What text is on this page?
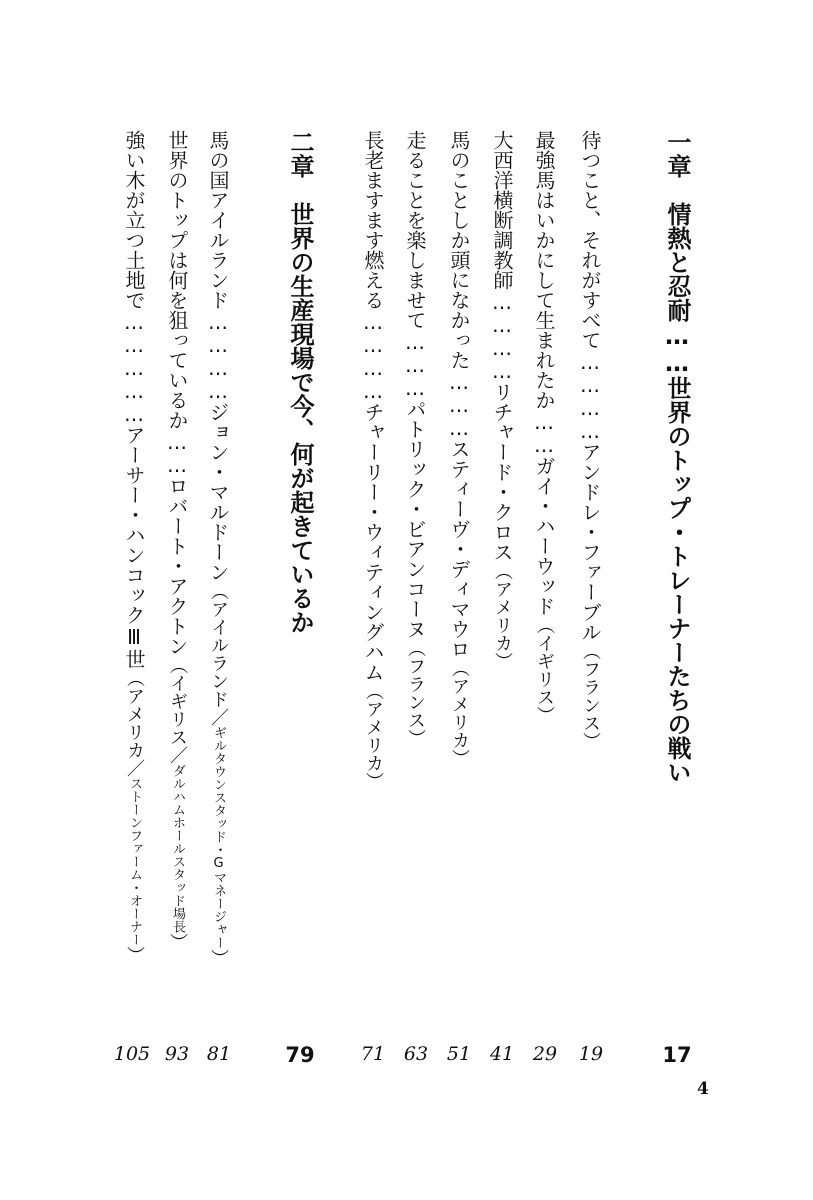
一章　情熱と忍耐……世界のトップ・トレーナーたちの戦い
17
待つこと、それがすべて…………アンドレ・ファーブル（フランス）
19
最強馬はいかにして生まれたか……ガイ・ハーウッド（イギリス）
29
大西洋横断調教師…………リチャード・クロス（アメリカ）
41
馬のことしか頭になかった………スティーヴ・ディマウロ（アメリカ）
51
走ることを楽しませて………パトリック・ビアンコーヌ（フランス）
63
長老ますます燃える…………チャーリー・ウィティングハム（アメリカ）
71
二章　世界の生産現場で今、何が起きているか
79
馬の国アイルランド…………ジョン・マルドーン（アイルランド／ギルタウンスタッド・Gマネージャー）
81
世界のトップは何を狙っているか……ロバート・アクトン（イギリス／ダルハムホールスタッド場長）
93
強い木が立つ土地で……………アーサー・ハンコックⅢ世（アメリカ／ストーンファーム・オーナー）
105
4
